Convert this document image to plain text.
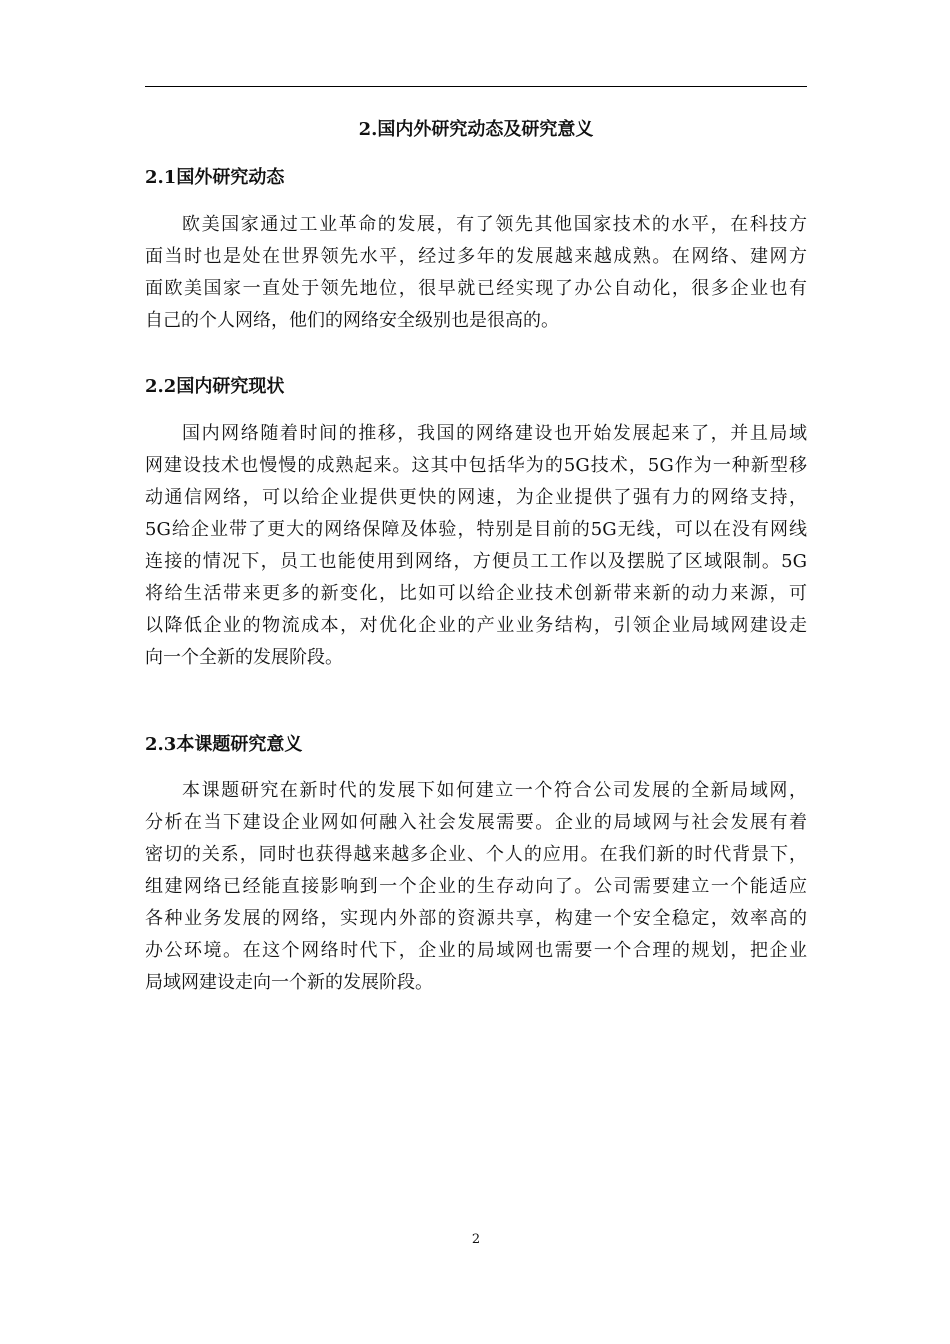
2.国内外研究动态及研究意义
2.1国外研究动态
欧美国家通过工业革命的发展，有了领先其他国家技术的水平，在科技方
面当时也是处在世界领先水平，经过多年的发展越来越成熟。在网络、建网方
面欧美国家一直处于领先地位，很早就已经实现了办公自动化，很多企业也有
自己的个人网络，他们的网络安全级别也是很高的。
2.2国内研究现状
国内网络随着时间的推移，我国的网络建设也开始发展起来了，并且局域
网建设技术也慢慢的成熟起来。这其中包括华为的5G技术，5G作为一种新型移
动通信网络，可以给企业提供更快的网速，为企业提供了强有力的网络支持，
5G给企业带了更大的网络保障及体验，特别是目前的5G无线，可以在没有网线
连接的情况下，员工也能使用到网络，方便员工工作以及摆脱了区域限制。5G
将给生活带来更多的新变化，比如可以给企业技术创新带来新的动力来源，可
以降低企业的物流成本，对优化企业的产业业务结构，引领企业局域网建设走
向一个全新的发展阶段。
2.3本课题研究意义
本课题研究在新时代的发展下如何建立一个符合公司发展的全新局域网，
分析在当下建设企业网如何融入社会发展需要。企业的局域网与社会发展有着
密切的关系，同时也获得越来越多企业、个人的应用。在我们新的时代背景下，
组建网络已经能直接影响到一个企业的生存动向了。公司需要建立一个能适应
各种业务发展的网络，实现内外部的资源共享，构建一个安全稳定，效率高的
办公环境。在这个网络时代下，企业的局域网也需要一个合理的规划，把企业
局域网建设走向一个新的发展阶段。

2
